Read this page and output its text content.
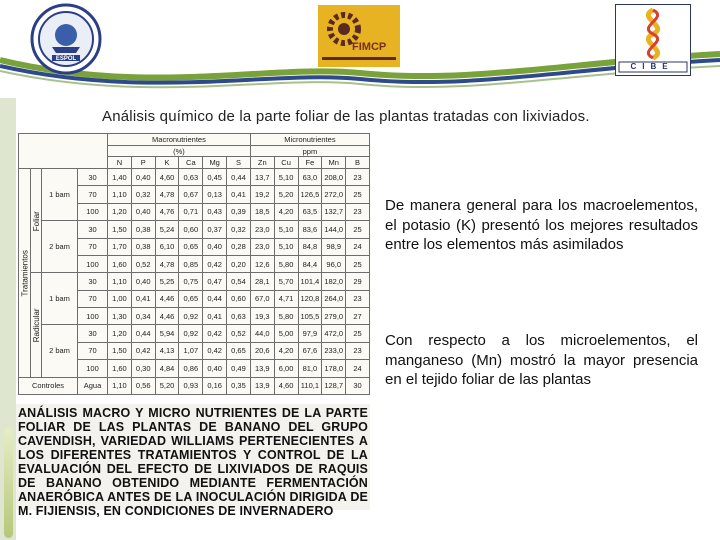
ESPOL
FIMCP
CIBE
Análisis químico de la parte foliar de las plantas tratadas con lixiviados.
				Macronutrientes						Micronutrientes				
				(%)						ppm				
				N	P	K	Ca	Mg	S	Zn	Cu	Fe	Mn	B
Tratamientos	Foliar	1 bam	30	1,40	0,40	4,60	0,63	0,45	0,44	13,7	5,10	63,0	208,0	23
			70	1,10	0,32	4,78	0,67	0,13	0,41	19,2	5,20	126,5	272,0	25
			100	1,20	0,40	4,76	0,71	0,43	0,39	18,5	4,20	63,5	132,7	23
		2 bam	30	1,50	0,38	5,24	0,60	0,37	0,32	23,0	5,10	83,6	144,0	25
			70	1,70	0,38	6,10	0,65	0,40	0,28	23,0	5,10	84,8	98,9	24
			100	1,60	0,52	4,78	0,85	0,42	0,20	12,6	5,80	84,4	96,0	25
	Radicular	1 bam	30	1,10	0,40	5,25	0,75	0,47	0,54	28,1	5,70	101,4	182,0	29
			70	1,00	0,41	4,46	0,65	0,44	0,60	67,0	4,71	120,8	264,0	23
			100	1,30	0,34	4,46	0,92	0,41	0,63	19,3	5,80	105,5	279,0	27
		2 bam	30	1,20	0,44	5,94	0,92	0,42	0,52	44,0	5,00	97,9	472,0	25
			70	1,50	0,42	4,13	1,07	0,42	0,65	20,6	4,20	67,6	233,0	23
			100	1,60	0,30	4,84	0,86	0,40	0,49	13,9	6,00	81,0	178,0	24
Controles			Agua	1,10	0,56	5,20	0,93	0,16	0,35	13,9	4,60	110,1	128,7	30
ANÁLISIS MACRO Y MICRO NUTRIENTES DE LA PARTE FOLIAR DE LAS PLANTAS DE BANANO DEL GRUPO CAVENDISH, VARIEDAD WILLIAMS PERTENECIENTES A LOS DIFERENTES TRATAMIENTOS Y CONTROL DE LA EVALUACIÓN DEL EFECTO DE LIXIVIADOS DE RAQUIS DE BANANO OBTENIDO MEDIANTE FERMENTACIÓN ANAERÓBICA ANTES DE LA INOCULACIÓN DIRIGIDA DE M. FIJIENSIS, EN CONDICIONES DE INVERNADERO
De manera general para los macroelementos, el potasio (K) presentó los mejores resultados entre los elementos más asimilados
Con respecto a los microelementos, el manganeso (Mn) mostró la mayor presencia en el tejido foliar de las plantas
